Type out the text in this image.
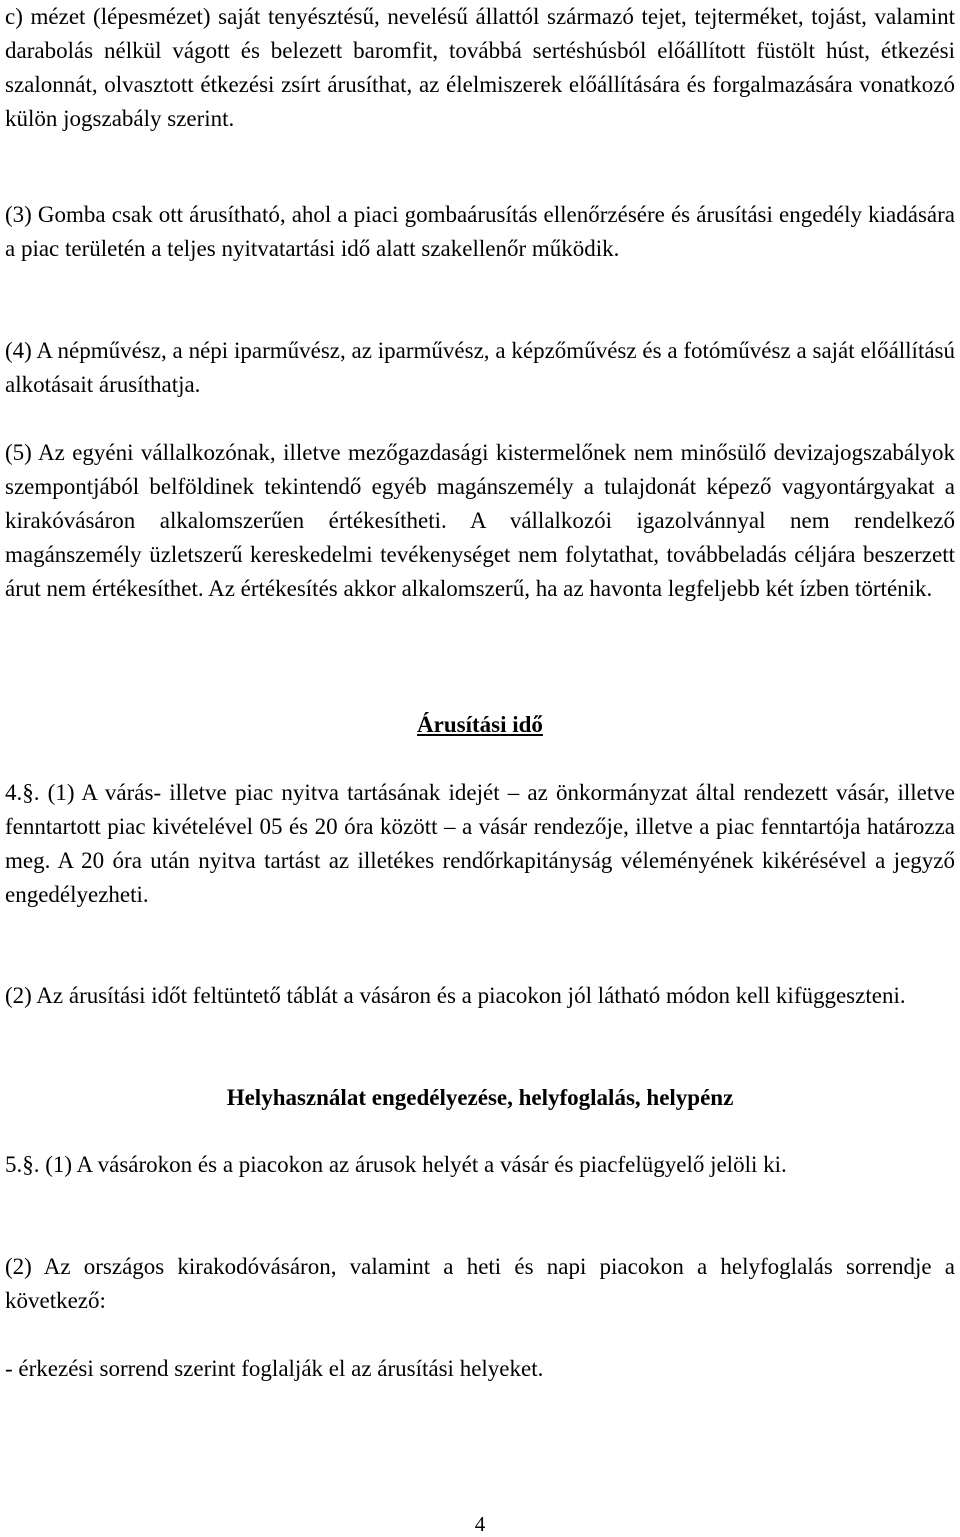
c) mézet (lépesmézet) saját tenyésztésű, nevelésű állattól származó tejet, tejterméket, tojást, valamint darabolás nélkül vágott és belezett baromfit, továbbá sertéshúsból előállított füstölt húst, étkezési szalonnát, olvasztott étkezési zsírt árusíthat, az élelmiszerek előállítására és forgalmazására vonatkozó külön jogszabály szerint.

(3) Gomba csak ott árusítható, ahol a piaci gombaárusítás ellenőrzésére és árusítási engedély kiadására a piac területén a teljes nyitvatartási idő alatt szakellenőr működik.

(4) A népművész, a népi iparművész, az iparművész, a képzőművész és a fotóművész a saját előállítású alkotásait árusíthatja.

(5) Az egyéni vállalkozónak, illetve mezőgazdasági kistermelőnek nem minősülő devizajogszabályok szempontjából belföldinek tekintendő egyéb magánszemély a tulajdonát képező vagyontárgyakat a kirakóvásáron alkalomszerűen értékesítheti. A vállalkozói igazolvánnyal nem rendelkező magánszemély üzletszerű kereskedelmi tevékenységet nem folytathat, továbbeladás céljára beszerzett árut nem értékesíthet. Az értékesítés akkor alkalomszerű, ha az havonta legfeljebb két ízben történik.

Árusítási idő

4.§. (1) A várás- illetve piac nyitva tartásának idejét – az önkormányzat által rendezett vásár, illetve fenntartott piac kivételével 05 és 20 óra között – a vásár rendezője, illetve a piac fenntartója határozza meg. A 20 óra után nyitva tartást az illetékes rendőrkapitányság véleményének kikérésével a jegyző engedélyezheti.

(2) Az árusítási időt feltüntető táblát a vásáron és a piacokon jól látható módon kell kifüggeszteni.

Helyhasználat engedélyezése, helyfoglalás, helypénz

5.§. (1) A vásárokon és a piacokon az árusok helyét a vásár és piacfelügyelő jelöli ki.

(2) Az országos kirakodóvásáron, valamint a heti és napi piacokon a helyfoglalás sorrendje a következő:

- érkezési sorrend szerint foglalják el az árusítási helyeket.

4
